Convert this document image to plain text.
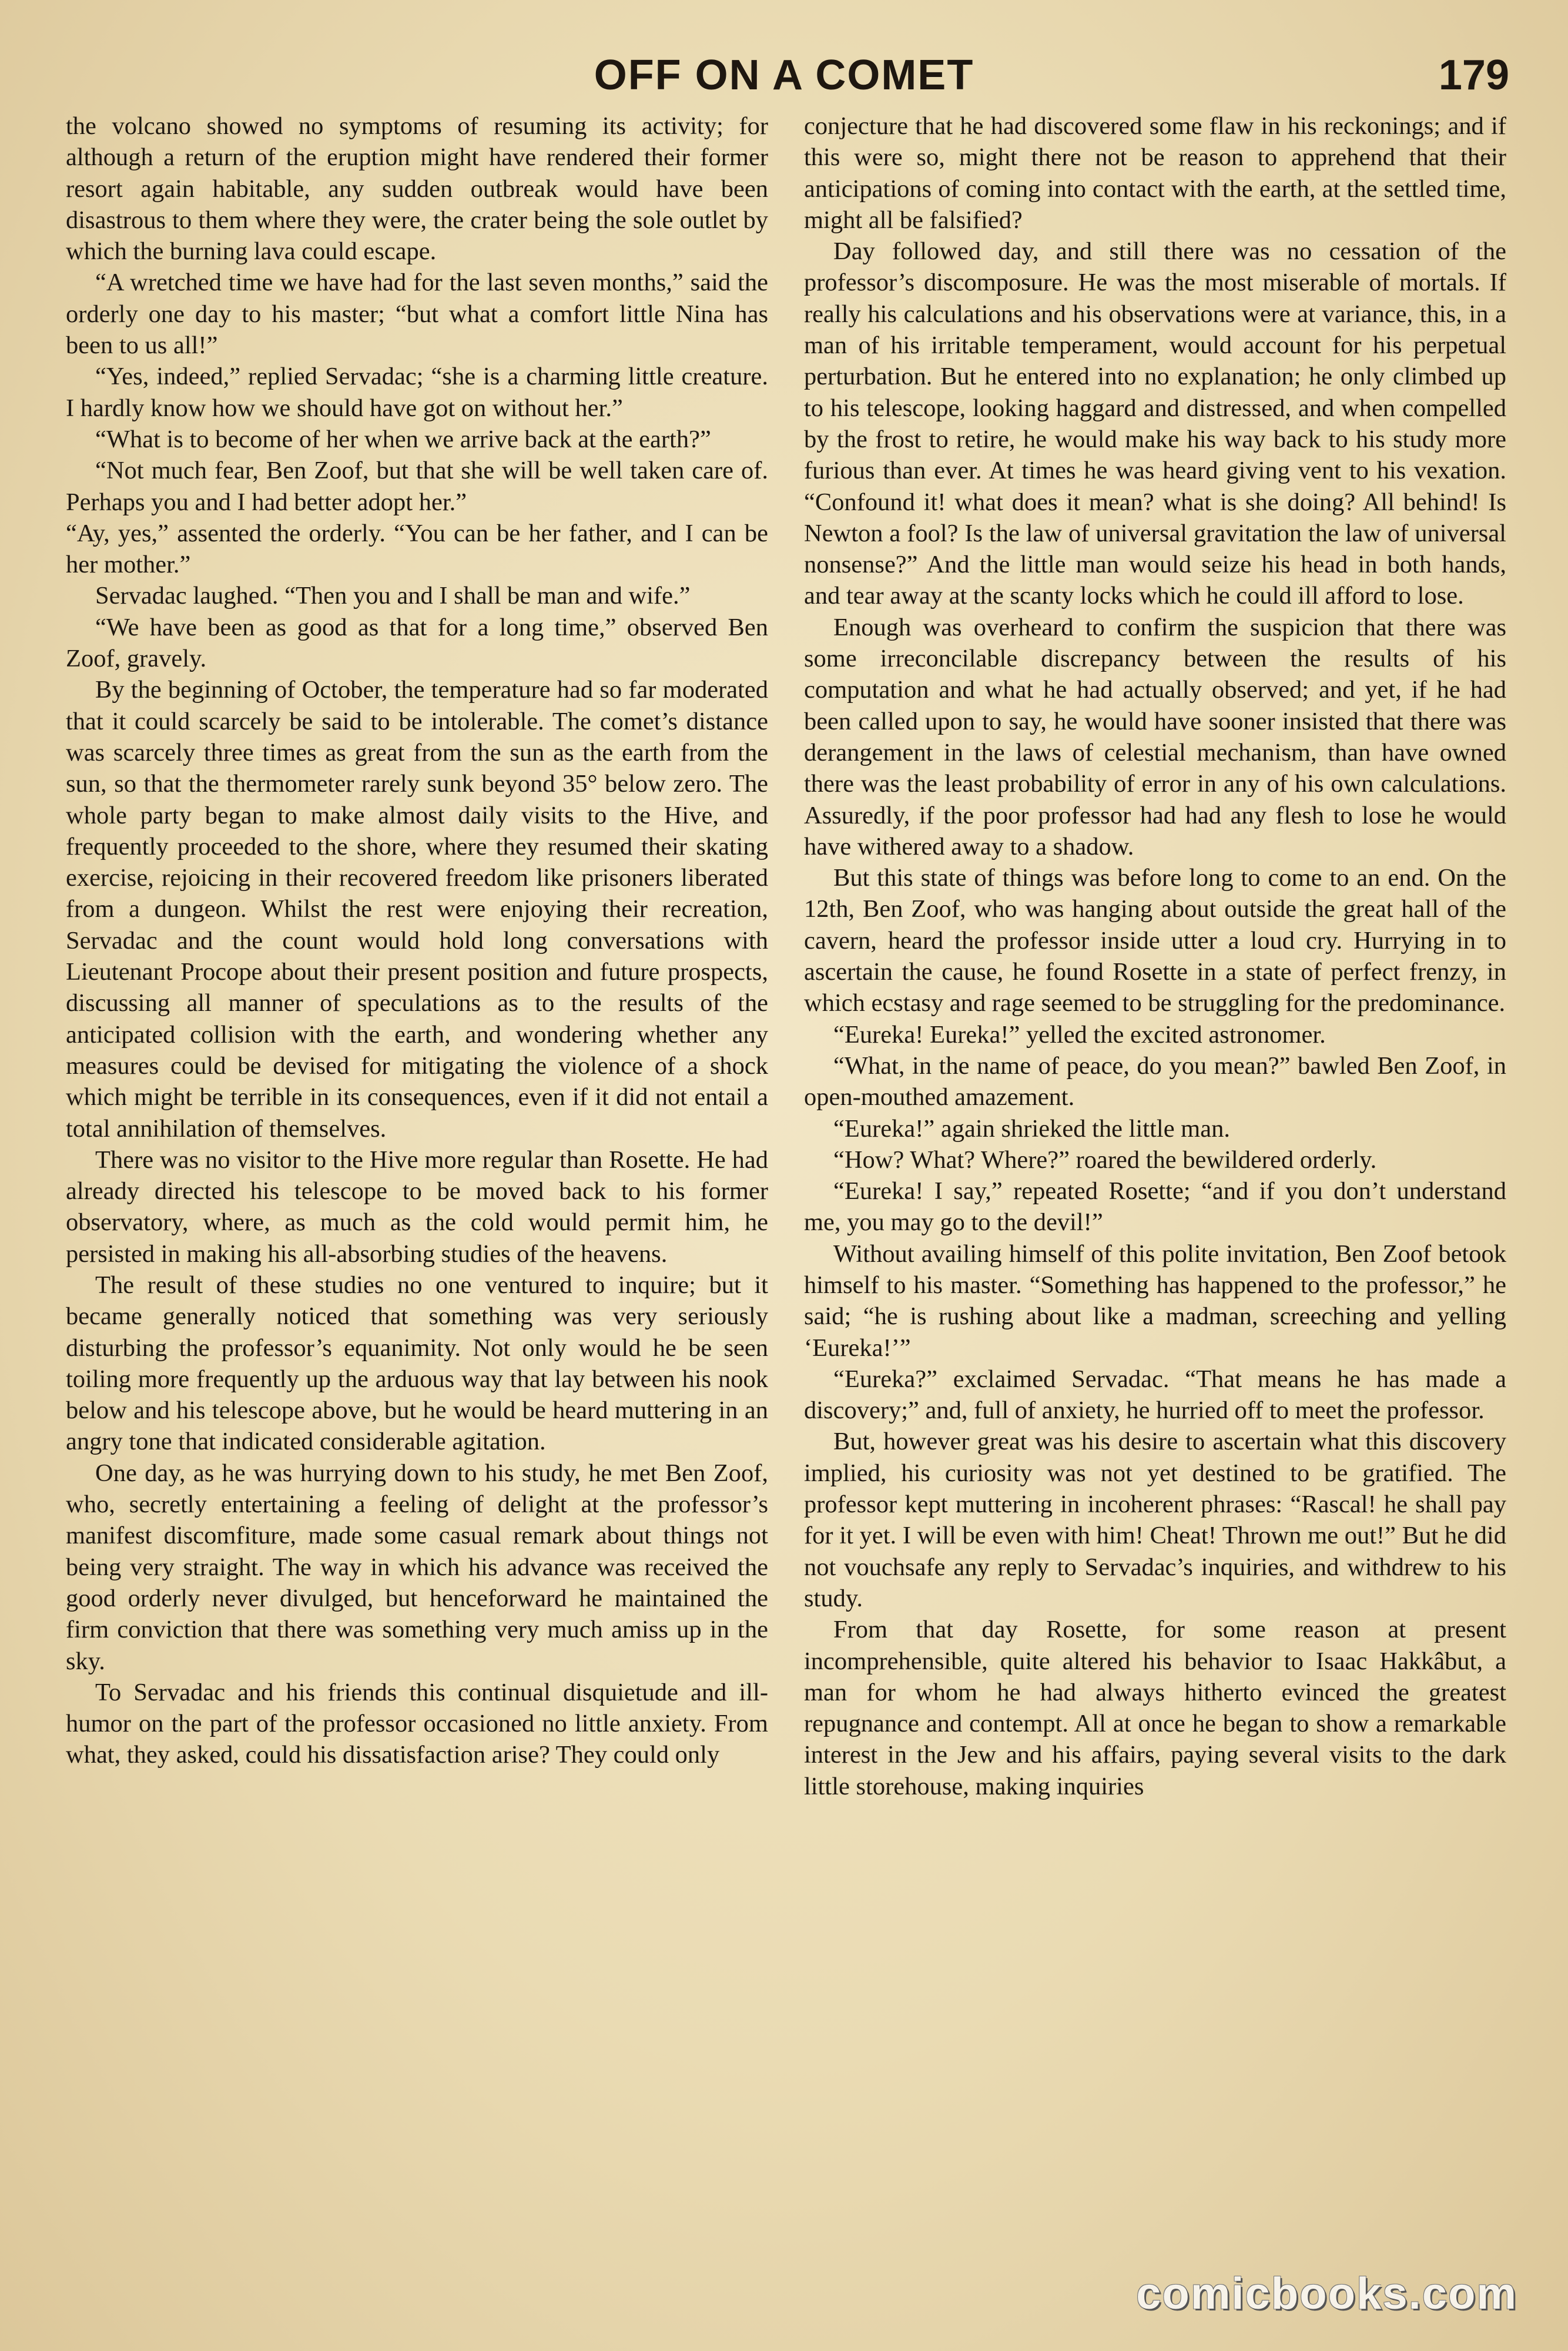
OFF ON A COMET	179

the volcano showed no symptoms of resuming its activity; for although a return of the eruption might have rendered their former resort again habitable, any sudden outbreak would have been disastrous to them where they were, the crater being the sole outlet by which the burning lava could escape.

“A wretched time we have had for the last seven months,” said the orderly one day to his master; “but what a comfort little Nina has been to us all!”

“Yes, indeed,” replied Servadac; “she is a charming little creature. I hardly know how we should have got on without her.”

“What is to become of her when we arrive back at the earth?”

“Not much fear, Ben Zoof, but that she will be well taken care of. Perhaps you and I had better adopt her.”

“Ay, yes,” assented the orderly. “You can be her father, and I can be her mother.”

Servadac laughed. “Then you and I shall be man and wife.”

“We have been as good as that for a long time,” observed Ben Zoof, gravely.

By the beginning of October, the temperature had so far moderated that it could scarcely be said to be intolerable. The comet’s distance was scarcely three times as great from the sun as the earth from the sun, so that the thermometer rarely sunk beyond 35° below zero. The whole party began to make almost daily visits to the Hive, and frequently proceeded to the shore, where they resumed their skating exercise, rejoicing in their recovered freedom like prisoners liberated from a dungeon. Whilst the rest were enjoying their recreation, Servadac and the count would hold long conversations with Lieutenant Procope about their present position and future prospects, discussing all manner of speculations as to the results of the anticipated collision with the earth, and wondering whether any measures could be devised for mitigating the violence of a shock which might be terrible in its consequences, even if it did not entail a total annihilation of themselves.

There was no visitor to the Hive more regular than Rosette. He had already directed his telescope to be moved back to his former observatory, where, as much as the cold would permit him, he persisted in making his all-absorbing studies of the heavens.

The result of these studies no one ventured to inquire; but it became generally noticed that something was very seriously disturbing the professor’s equanimity. Not only would he be seen toiling more frequently up the arduous way that lay between his nook below and his telescope above, but he would be heard muttering in an angry tone that indicated considerable agitation.

One day, as he was hurrying down to his study, he met Ben Zoof, who, secretly entertaining a feeling of delight at the professor’s manifest discomfiture, made some casual remark about things not being very straight. The way in which his advance was received the good orderly never divulged, but henceforward he maintained the firm conviction that there was something very much amiss up in the sky.

To Servadac and his friends this continual disquietude and ill-humor on the part of the professor occasioned no little anxiety. From what, they asked, could his dissatisfaction arise? They could only

conjecture that he had discovered some flaw in his reckonings; and if this were so, might there not be reason to apprehend that their anticipations of coming into contact with the earth, at the settled time, might all be falsified?

Day followed day, and still there was no cessation of the professor’s discomposure. He was the most miserable of mortals. If really his calculations and his observations were at variance, this, in a man of his irritable temperament, would account for his perpetual perturbation. But he entered into no explanation; he only climbed up to his telescope, looking haggard and distressed, and when compelled by the frost to retire, he would make his way back to his study more furious than ever. At times he was heard giving vent to his vexation. “Confound it! what does it mean? what is she doing? All behind! Is Newton a fool? Is the law of universal gravitation the law of universal nonsense?” And the little man would seize his head in both hands, and tear away at the scanty locks which he could ill afford to lose.

Enough was overheard to confirm the suspicion that there was some irreconcilable discrepancy between the results of his computation and what he had actually observed; and yet, if he had been called upon to say, he would have sooner insisted that there was derangement in the laws of celestial mechanism, than have owned there was the least probability of error in any of his own calculations. Assuredly, if the poor professor had had any flesh to lose he would have withered away to a shadow.

But this state of things was before long to come to an end. On the 12th, Ben Zoof, who was hanging about outside the great hall of the cavern, heard the professor inside utter a loud cry. Hurrying in to ascertain the cause, he found Rosette in a state of perfect frenzy, in which ecstasy and rage seemed to be struggling for the predominance.

“Eureka! Eureka!” yelled the excited astronomer.

“What, in the name of peace, do you mean?” bawled Ben Zoof, in open-mouthed amazement.

“Eureka!” again shrieked the little man.

“How? What? Where?” roared the bewildered orderly.

“Eureka! I say,” repeated Rosette; “and if you don’t understand me, you may go to the devil!”

Without availing himself of this polite invitation, Ben Zoof betook himself to his master. “Something has happened to the professor,” he said; “he is rushing about like a madman, screeching and yelling ‘Eureka!’”

“Eureka?” exclaimed Servadac. “That means he has made a discovery;” and, full of anxiety, he hurried off to meet the professor.

But, however great was his desire to ascertain what this discovery implied, his curiosity was not yet destined to be gratified. The professor kept muttering in incoherent phrases: “Rascal! he shall pay for it yet. I will be even with him! Cheat! Thrown me out!” But he did not vouchsafe any reply to Servadac’s inquiries, and withdrew to his study.

From that day Rosette, for some reason at present incomprehensible, quite altered his behavior to Isaac Hakkâbut, a man for whom he had always hitherto evinced the greatest repugnance and contempt. All at once he began to show a remarkable interest in the Jew and his affairs, paying several visits to the dark little storehouse, making inquiries

comicbooks.com
